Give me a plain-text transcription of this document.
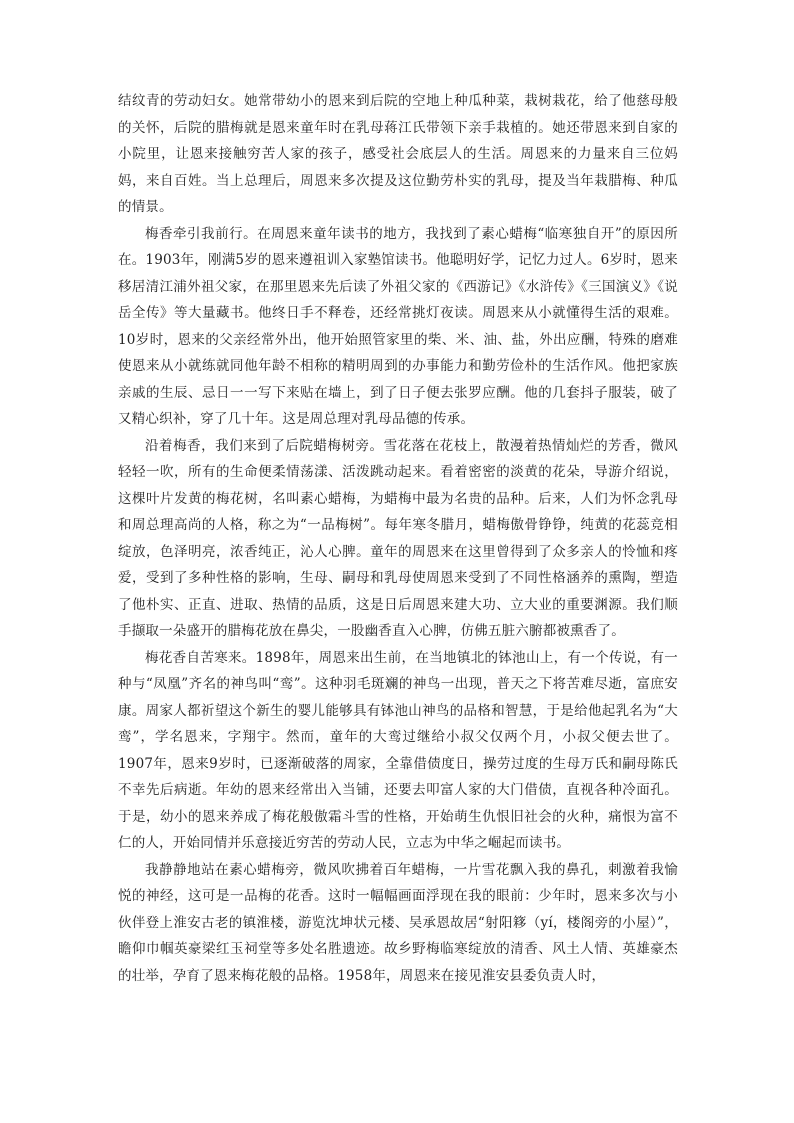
结纹青的劳动妇女。她常带幼小的恩来到后院的空地上种瓜种菜，栽树栽花，给了他慈母般的关怀，后院的腊梅就是恩来童年时在乳母蒋江氏带领下亲手栽植的。她还带恩来到自家的小院里，让恩来接触穷苦人家的孩子，感受社会底层人的生活。周恩来的力量来自三位妈妈，来自百姓。当上总理后，周恩来多次提及这位勤劳朴实的乳母，提及当年栽腊梅、种瓜的情景。

梅香牵引我前行。在周恩来童年读书的地方，我找到了素心蜡梅“临寒独自开”的原因所在。1903年，刚满5岁的恩来遵祖训入家塾馆读书。他聪明好学，记忆力过人。6岁时，恩来移居清江浦外祖父家，在那里恩来先后读了外祖父家的《西游记》《水浒传》《三国演义》《说岳全传》等大量藏书。他终日手不释卷，还经常挑灯夜读。周恩来从小就懂得生活的艰难。10岁时，恩来的父亲经常外出，他开始照管家里的柴、米、油、盐，外出应酬，特殊的磨难使恩来从小就练就同他年龄不相称的精明周到的办事能力和勤劳俭朴的生活作风。他把家族亲戚的生辰、忌日一一写下来贴在墙上，到了日子便去张罗应酬。他的几套抖子服装，破了又精心织补，穿了几十年。这是周总理对乳母品德的传承。

沿着梅香，我们来到了后院蜡梅树旁。雪花落在花枝上，散漫着热情灿烂的芳香，微风轻轻一吹，所有的生命便柔情荡漾、活泼跳动起来。看着密密的淡黄的花朵，导游介绍说，这棵叶片发黄的梅花树，名叫素心蜡梅，为蜡梅中最为名贵的品种。后来，人们为怀念乳母和周总理高尚的人格，称之为“一品梅树”。每年寒冬腊月，蜡梅傲骨铮铮，纯黄的花蕊竞相绽放，色泽明亮，浓香纯正，沁人心脾。童年的周恩来在这里曾得到了众多亲人的怜恤和疼爱，受到了多种性格的影响，生母、嗣母和乳母使周恩来受到了不同性格涵养的熏陶，塑造了他朴实、正直、进取、热情的品质，这是日后周恩来建大功、立大业的重要渊源。我们顺手撷取一朵盛开的腊梅花放在鼻尖，一股幽香直入心脾，仿佛五脏六腑都被熏香了。

梅花香自苦寒来。1898年，周恩来出生前，在当地镇北的钵池山上，有一个传说，有一种与“凤凰”齐名的神鸟叫“鸾”。这种羽毛斑斓的神鸟一出现，普天之下将苦难尽逝，富庶安康。周家人都祈望这个新生的婴儿能够具有钵池山神鸟的品格和智慧，于是给他起乳名为“大鸾”，学名恩来，字翔宇。然而，童年的大鸾过继给小叔父仅两个月，小叔父便去世了。1907年，恩来9岁时，已逐渐破落的周家，全靠借债度日，操劳过度的生母万氏和嗣母陈氏不幸先后病逝。年幼的恩来经常出入当铺，还要去叩富人家的大门借债，直视各种冷面孔。于是，幼小的恩来养成了梅花般傲霜斗雪的性格，开始萌生仇恨旧社会的火种，痛恨为富不仁的人，开始同情并乐意接近穷苦的劳动人民，立志为中华之崛起而读书。

我静静地站在素心蜡梅旁，微风吹拂着百年蜡梅，一片雪花飘入我的鼻孔，刺激着我愉悦的神经，这可是一品梅的花香。这时一幅幅画面浮现在我的眼前：少年时，恩来多次与小伙伴登上淮安古老的镇淮楼，游览沈坤状元楼、吴承恩故居“射阳簃（yí，楼阁旁的小屋）”，瞻仰巾帼英豪梁红玉祠堂等多处名胜遗迹。故乡野梅临寒绽放的清香、风土人情、英雄豪杰的壮举，孕育了恩来梅花般的品格。1958年，周恩来在接见淮安县委负责人时，
